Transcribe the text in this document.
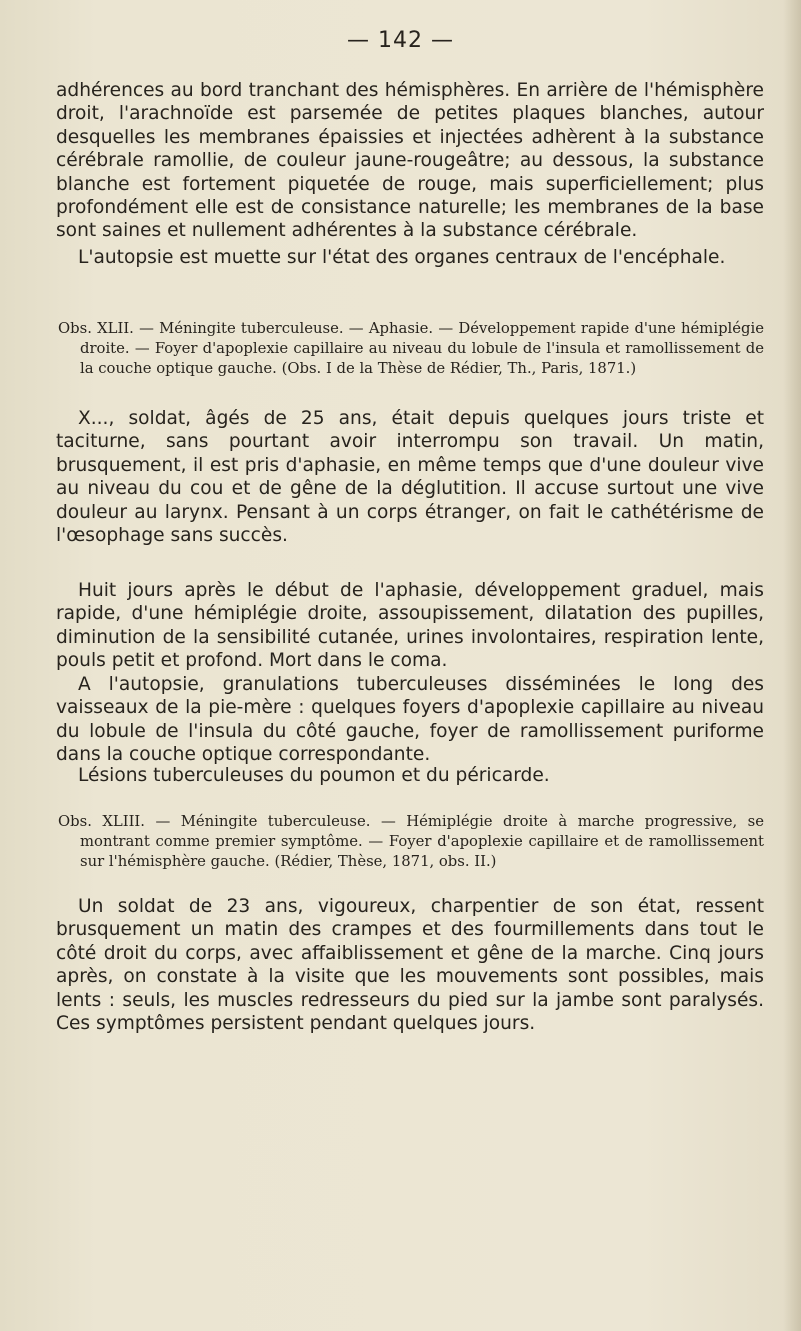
— 142 —

adhérences au bord tranchant des hémisphères. En arrière de l'hémisphère droit, l'arachnoïde est parsemée de petites plaques blanches, autour desquelles les membranes épaissies et injectées adhèrent à la substance cérébrale ramollie, de couleur jaune-rougeâtre; au dessous, la substance blanche est fortement piquetée de rouge, mais superficiellement; plus profondément elle est de consistance naturelle; les membranes de la base sont saines et nullement adhérentes à la substance cérébrale.

L'autopsie est muette sur l'état des organes centraux de l'encéphale.

Obs. XLII. — Méningite tuberculeuse. — Aphasie. — Développement rapide d'une hémiplégie droite. — Foyer d'apoplexie capillaire au niveau du lobule de l'insula et ramollissement de la couche optique gauche. (Obs. I de la Thèse de Rédier, Th., Paris, 1871.)

X..., soldat, âgés de 25 ans, était depuis quelques jours triste et taciturne, sans pourtant avoir interrompu son travail. Un matin, brusquement, il est pris d'aphasie, en même temps que d'une douleur vive au niveau du cou et de gêne de la déglutition. Il accuse surtout une vive douleur au larynx. Pensant à un corps étranger, on fait le cathétérisme de l'œsophage sans succès.

Huit jours après le début de l'aphasie, développement graduel, mais rapide, d'une hémiplégie droite, assoupissement, dilatation des pupilles, diminution de la sensibilité cutanée, urines involontaires, respiration lente, pouls petit et profond. Mort dans le coma.

A l'autopsie, granulations tuberculeuses disséminées le long des vaisseaux de la pie-mère : quelques foyers d'apoplexie capillaire au niveau du lobule de l'insula du côté gauche, foyer de ramollissement puriforme dans la couche optique correspondante.

Lésions tuberculeuses du poumon et du péricarde.

Obs. XLIII. — Méningite tuberculeuse. — Hémiplégie droite à marche progressive, se montrant comme premier symptôme. — Foyer d'apoplexie capillaire et de ramollissement sur l'hémisphère gauche. (Rédier, Thèse, 1871, obs. II.)

Un soldat de 23 ans, vigoureux, charpentier de son état, ressent brusquement un matin des crampes et des fourmillements dans tout le côté droit du corps, avec affaiblissement et gêne de la marche. Cinq jours après, on constate à la visite que les mouvements sont possibles, mais lents : seuls, les muscles redresseurs du pied sur la jambe sont paralysés. Ces symptômes persistent pendant quelques jours.
